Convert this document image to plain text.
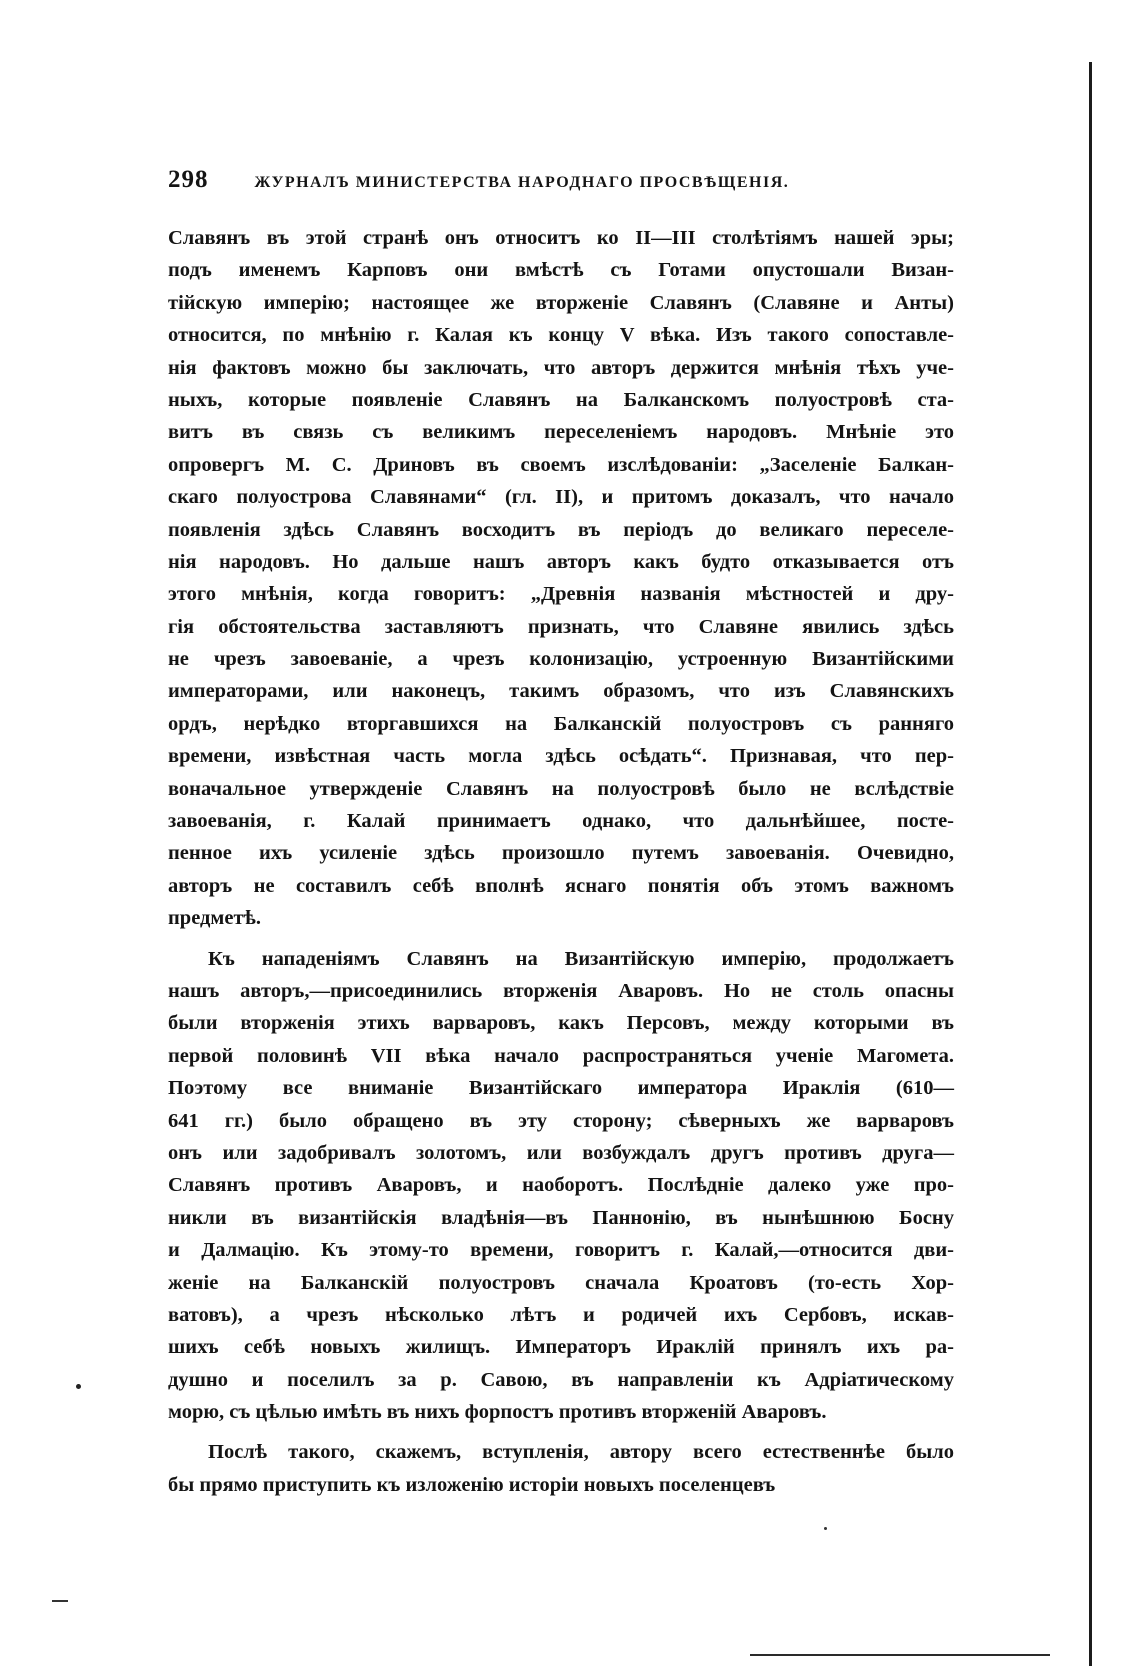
298	ЖУРНАЛЪ МИНИСТЕРСТВА НАРОДНАГО ПРОСВѢЩЕНІЯ.
Славянъ въ этой странѣ онъ относитъ ко II—III столѣтіямъ нашей эры;
подъ именемъ Карповъ они вмѣстѣ съ Готами опустошали Визан-
тійскую имперію; настоящее же вторженіе Славянъ (Славяне и Анты)
относится, по мнѣнію г. Калая къ концу V вѣка. Изъ такого сопоставле-
нія фактовъ можно бы заключать, что авторъ держится мнѣнія тѣхъ уче-
ныхъ, которые появленіе Славянъ на Балканскомъ полуостровѣ ста-
витъ въ связь съ великимъ переселеніемъ народовъ. Мнѣніе это
опровергъ М. С. Дриновъ въ своемъ изслѣдованіи: „Заселеніе Балкан-
скаго полуострова Славянами“ (гл. II), и притомъ доказалъ, что начало
появленія здѣсь Славянъ восходитъ въ періодъ до великаго переселе-
нія народовъ. Но дальше нашъ авторъ какъ будто отказывается отъ
этого мнѣнія, когда говоритъ: „Древнія названія мѣстностей и дру-
гія обстоятельства заставляютъ признать, что Славяне явились здѣсь
не чрезъ завоеваніе, а чрезъ колонизацію, устроенную Византійскими
императорами, или наконецъ, такимъ образомъ, что изъ Славянскихъ
ордъ, нерѣдко вторгавшихся на Балканскій полуостровъ съ ранняго
времени, извѣстная часть могла здѣсь осѣдать“. Признавая, что пер-
воначальное утвержденіе Славянъ на полуостровѣ было не вслѣдствіе
завоеванія, г. Калай принимаетъ однако, что дальнѣйшее, посте-
пенное ихъ усиленіе здѣсь произошло путемъ завоеванія. Очевидно,
авторъ не составилъ себѣ вполнѣ яснаго понятія объ этомъ важномъ
предметѣ.
Къ нападеніямъ Славянъ на Византійскую имперію, продолжаетъ
нашъ авторъ,—присоединились вторженія Аваровъ. Но не столь опасны
были вторженія этихъ варваровъ, какъ Персовъ, между которыми въ
первой половинѣ VII вѣка начало распространяться ученіе Магомета.
Поэтому все вниманіе Византійскаго императора Ираклія (610—
641 гг.) было обращено въ эту сторону; сѣверныхъ же варваровъ
онъ или задобривалъ золотомъ, или возбуждалъ другъ противъ друга—
Славянъ противъ Аваровъ, и наоборотъ. Послѣдніе далеко уже про-
никли въ византійскія владѣнія—въ Паннонію, въ нынѣшнюю Босну
и Далмацію. Къ этому-то времени, говоритъ г. Калай,—относится дви-
женіе на Балканскій полуостровъ сначала Кроатовъ (то-есть Хор-
ватовъ), а чрезъ нѣсколько лѣтъ и родичей ихъ Сербовъ, искав-
шихъ себѣ новыхъ жилищъ. Императоръ Ираклій принялъ ихъ ра-
душно и поселилъ за р. Савою, въ направленіи къ Адріатическому
морю, съ цѣлью имѣть въ нихъ форпостъ противъ вторженій Аваровъ.
Послѣ такого, скажемъ, вступленія, автору всего естественнѣе было
бы прямо приступить къ изложенію исторіи новыхъ поселенцевъ
